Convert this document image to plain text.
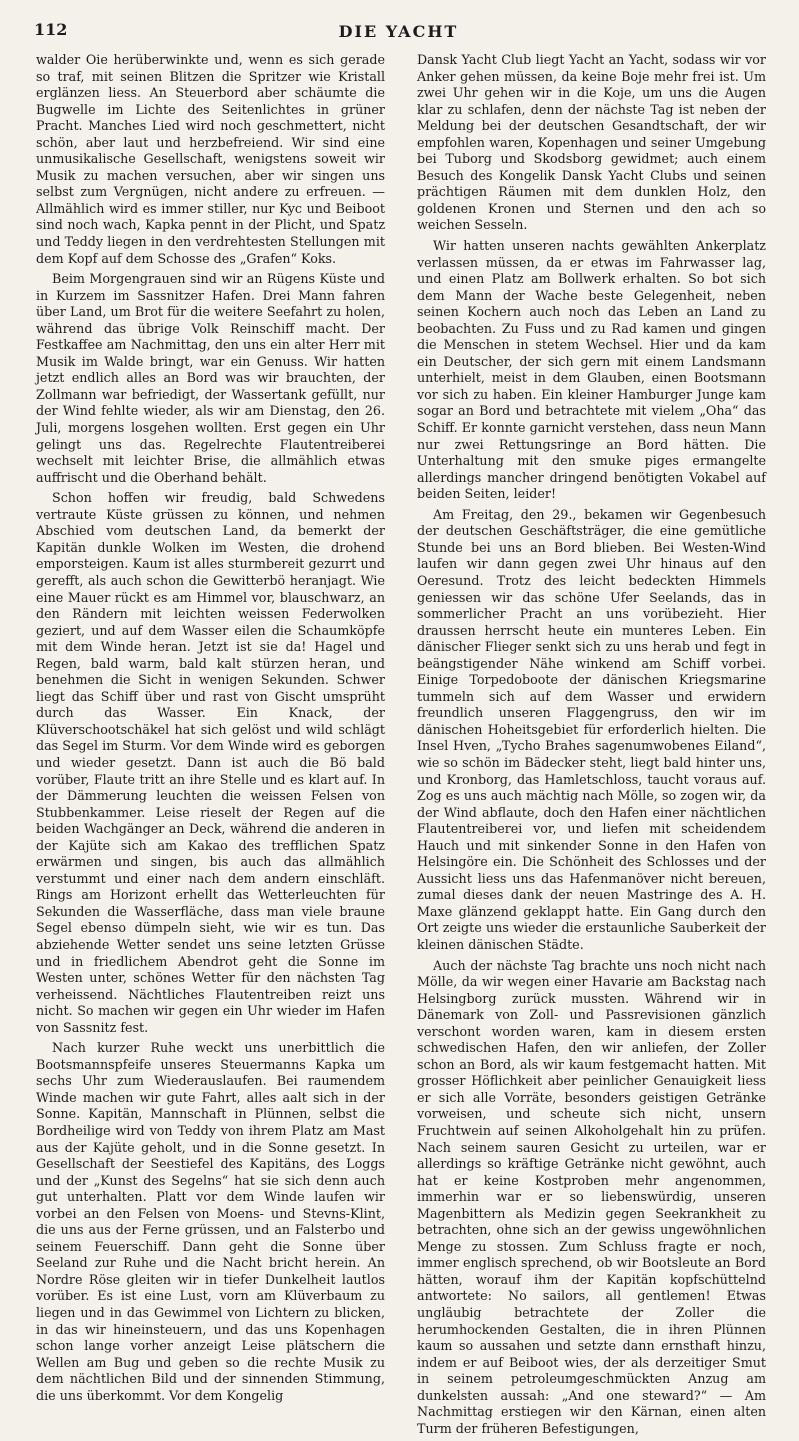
112	DIE YACHT

walder Oie herüberwinkte und, wenn es sich gerade so traf, mit seinen Blitzen die Spritzer wie Kristall erglänzen liess. An Steuerbord aber schäumte die Bugwelle im Lichte des Seitenlichtes in grüner Pracht. Manches Lied wird noch geschmettert, nicht schön, aber laut und herzbefreiend. Wir sind eine unmusikalische Gesellschaft, wenigstens soweit wir Musik zu machen versuchen, aber wir singen uns selbst zum Vergnügen, nicht andere zu erfreuen. — Allmählich wird es immer stiller, nur Kyc und Beiboot sind noch wach, Kapka pennt in der Plicht, und Spatz und Teddy liegen in den verdrehtesten Stellungen mit dem Kopf auf dem Schosse des „Grafen“ Koks.

Beim Morgengrauen sind wir an Rügens Küste und in Kurzem im Sassnitzer Hafen. Drei Mann fahren über Land, um Brot für die weitere Seefahrt zu holen, während das übrige Volk Reinschiff macht. Der Festkaffee am Nachmittag, den uns ein alter Herr mit Musik im Walde bringt, war ein Genuss. Wir hatten jetzt endlich alles an Bord was wir brauchten, der Zollmann war befriedigt, der Wassertank gefüllt, nur der Wind fehlte wieder, als wir am Dienstag, den 26. Juli, morgens losgehen wollten. Erst gegen ein Uhr gelingt uns das. Regelrechte Flautentreiberei wechselt mit leichter Brise, die allmählich etwas auffrischt und die Oberhand behält.

Schon hoffen wir freudig, bald Schwedens vertraute Küste grüssen zu können, und nehmen Abschied vom deutschen Land, da bemerkt der Kapitän dunkle Wolken im Westen, die drohend emporsteigen. Kaum ist alles sturmbereit gezurrt und gerefft, als auch schon die Gewitterbö heranjagt. Wie eine Mauer rückt es am Himmel vor, blauschwarz, an den Rändern mit leichten weissen Federwolken geziert, und auf dem Wasser eilen die Schaumköpfe mit dem Winde heran. Jetzt ist sie da! Hagel und Regen, bald warm, bald kalt stürzen heran, und benehmen die Sicht in wenigen Sekunden. Schwer liegt das Schiff über und rast von Gischt umsprüht durch das Wasser. Ein Knack, der Klüverschootschäkel hat sich gelöst und wild schlägt das Segel im Sturm. Vor dem Winde wird es geborgen und wieder gesetzt. Dann ist auch die Bö bald vorüber, Flaute tritt an ihre Stelle und es klart auf. In der Dämmerung leuchten die weissen Felsen von Stubbenkammer. Leise rieselt der Regen auf die beiden Wachgänger an Deck, während die anderen in der Kajüte sich am Kakao des trefflichen Spatz erwärmen und singen, bis auch das allmählich verstummt und einer nach dem andern einschläft. Rings am Horizont erhellt das Wetterleuchten für Sekunden die Wasserfläche, dass man viele braune Segel ebenso dümpeln sieht, wie wir es tun. Das abziehende Wetter sendet uns seine letzten Grüsse und in friedlichem Abendrot geht die Sonne im Westen unter, schönes Wetter für den nächsten Tag verheissend. Nächtliches Flautentreiben reizt uns nicht. So machen wir gegen ein Uhr wieder im Hafen von Sassnitz fest.

Nach kurzer Ruhe weckt uns unerbittlich die Bootsmannspfeife unseres Steuermanns Kapka um sechs Uhr zum Wiederauslaufen. Bei raumendem Winde machen wir gute Fahrt, alles aalt sich in der Sonne. Kapitän, Mannschaft in Plünnen, selbst die Bordheilige wird von Teddy von ihrem Platz am Mast aus der Kajüte geholt, und in die Sonne gesetzt. In Gesellschaft der Seestiefel des Kapitäns, des Loggs und der „Kunst des Segelns“ hat sie sich denn auch gut unterhalten. Platt vor dem Winde laufen wir vorbei an den Felsen von Moens- und Stevns-Klint, die uns aus der Ferne grüssen, und an Falsterbo und seinem Feuerschiff. Dann geht die Sonne über Seeland zur Ruhe und die Nacht bricht herein. An Nordre Röse gleiten wir in tiefer Dunkelheit lautlos vorüber. Es ist eine Lust, vorn am Klüverbaum zu liegen und in das Gewimmel von Lichtern zu blicken, in das wir hineinsteuern, und das uns Kopenhagen schon lange vorher anzeigt Leise plätschern die Wellen am Bug und geben so die rechte Musik zu dem nächtlichen Bild und der sinnenden Stimmung, die uns überkommt. Vor dem Kongelig

Dansk Yacht Club liegt Yacht an Yacht, sodass wir vor Anker gehen müssen, da keine Boje mehr frei ist. Um zwei Uhr gehen wir in die Koje, um uns die Augen klar zu schlafen, denn der nächste Tag ist neben der Meldung bei der deutschen Gesandtschaft, der wir empfohlen waren, Kopenhagen und seiner Umgebung bei Tuborg und Skodsborg gewidmet; auch einem Besuch des Kongelik Dansk Yacht Clubs und seinen prächtigen Räumen mit dem dunklen Holz, den goldenen Kronen und Sternen und den ach so weichen Sesseln.

Wir hatten unseren nachts gewählten Ankerplatz verlassen müssen, da er etwas im Fahrwasser lag, und einen Platz am Bollwerk erhalten. So bot sich dem Mann der Wache beste Gelegenheit, neben seinen Kochern auch noch das Leben an Land zu beobachten. Zu Fuss und zu Rad kamen und gingen die Menschen in stetem Wechsel. Hier und da kam ein Deutscher, der sich gern mit einem Landsmann unterhielt, meist in dem Glauben, einen Bootsmann vor sich zu haben. Ein kleiner Hamburger Junge kam sogar an Bord und betrachtete mit vielem „Oha“ das Schiff. Er konnte garnicht verstehen, dass neun Mann nur zwei Rettungsringe an Bord hätten. Die Unterhaltung mit den smuke piges ermangelte allerdings mancher dringend benötigten Vokabel auf beiden Seiten, leider!

Am Freitag, den 29., bekamen wir Gegenbesuch der deutschen Geschäftsträger, die eine gemütliche Stunde bei uns an Bord blieben. Bei Westen-Wind laufen wir dann gegen zwei Uhr hinaus auf den Oeresund. Trotz des leicht bedeckten Himmels geniessen wir das schöne Ufer Seelands, das in sommerlicher Pracht an uns vorübezieht. Hier draussen herrscht heute ein munteres Leben. Ein dänischer Flieger senkt sich zu uns herab und fegt in beängstigender Nähe winkend am Schiff vorbei. Einige Torpedoboote der dänischen Kriegsmarine tummeln sich auf dem Wasser und erwidern freundlich unseren Flaggengruss, den wir im dänischen Hoheitsgebiet für erforderlich hielten. Die Insel Hven, „Tycho Brahes sagenumwobenes Eiland“, wie so schön im Bädecker steht, liegt bald hinter uns, und Kronborg, das Hamletschloss, taucht voraus auf. Zog es uns auch mächtig nach Mölle, so zogen wir, da der Wind abflaute, doch den Hafen einer nächtlichen Flautentreiberei vor, und liefen mit scheidendem Hauch und mit sinkender Sonne in den Hafen von Helsingöre ein. Die Schönheit des Schlosses und der Aussicht liess uns das Hafenmanöver nicht bereuen, zumal dieses dank der neuen Mastringe des A. H. Maxe glänzend geklappt hatte. Ein Gang durch den Ort zeigte uns wieder die erstaunliche Sauberkeit der kleinen dänischen Städte.

Auch der nächste Tag brachte uns noch nicht nach Mölle, da wir wegen einer Havarie am Backstag nach Helsingborg zurück mussten. Während wir in Dänemark von Zoll- und Passrevisionen gänzlich verschont worden waren, kam in diesem ersten schwedischen Hafen, den wir anliefen, der Zoller schon an Bord, als wir kaum festgemacht hatten. Mit grosser Höflichkeit aber peinlicher Genauigkeit liess er sich alle Vorräte, besonders geistigen Getränke vorweisen, und scheute sich nicht, unsern Fruchtwein auf seinen Alkoholgehalt hin zu prüfen. Nach seinem sauren Gesicht zu urteilen, war er allerdings so kräftige Getränke nicht gewöhnt, auch hat er keine Kostproben mehr angenommen, immerhin war er so liebenswürdig, unseren Magenbittern als Medizin gegen Seekrankheit zu betrachten, ohne sich an der gewiss ungewöhnlichen Menge zu stossen. Zum Schluss fragte er noch, immer englisch sprechend, ob wir Bootsleute an Bord hätten, worauf ihm der Kapitän kopfschüttelnd antwortete: No sailors, all gentlemen! Etwas ungläubig betrachtete der Zoller die herumhockenden Gestalten, die in ihren Plünnen kaum so aussahen und setzte dann ernsthaft hinzu, indem er auf Beiboot wies, der als derzeitiger Smut in seinem petroleumgeschmückten Anzug am dunkelsten aussah: „And one steward?“ — Am Nachmittag erstiegen wir den Kärnan, einen alten Turm der früheren Befestigungen,
